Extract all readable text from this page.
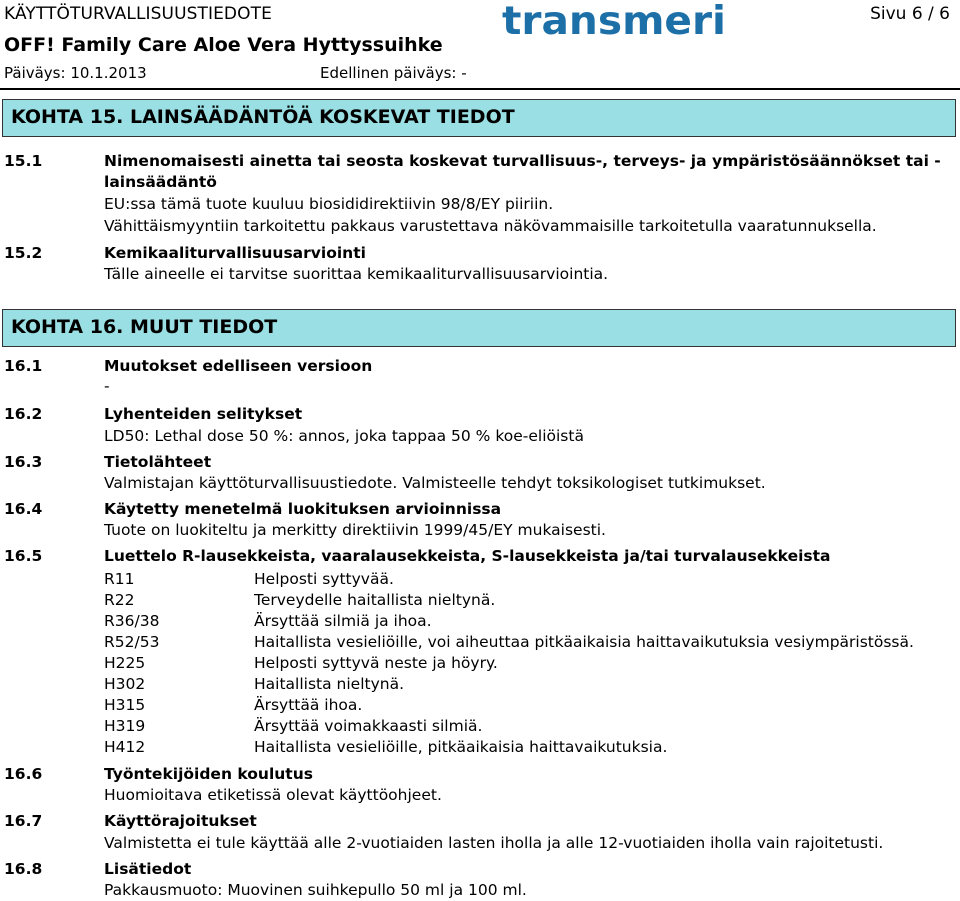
KÄYTTÖTURVALLISUUSTIEDOTE
OFF! Family Care Aloe Vera Hyttyssuihke
Päiväys: 10.1.2013	Edellinen päiväys: -
Sivu 6 / 6
transmeri
KOHTA 15. LAINSÄÄDÄNTÖÄ KOSKEVAT TIEDOT
15.1	Nimenomaisesti ainetta tai seosta koskevat turvallisuus-, terveys- ja ympäristösäännökset tai -
lainsäädäntö
EU:ssa tämä tuote kuuluu biosididirektiivin 98/8/EY piiriin.
Vähittäismyyntiin tarkoitettu pakkaus varustettava näkövammaisille tarkoitetulla vaaratunnuksella.
15.2	Kemikaaliturvallisuusarviointi
Tälle aineelle ei tarvitse suorittaa kemikaaliturvallisuusarviointia.
KOHTA 16. MUUT TIEDOT
16.1	Muutokset edelliseen versioon
-
16.2	Lyhenteiden selitykset
LD50: Lethal dose 50 %: annos, joka tappaa 50 % koe-eliöistä
16.3	Tietolähteet
Valmistajan käyttöturvallisuustiedote. Valmisteelle tehdyt toksikologiset tutkimukset.
16.4	Käytetty menetelmä luokituksen arvioinnissa
Tuote on luokiteltu ja merkitty direktiivin 1999/45/EY mukaisesti.
16.5	Luettelo R-lausekkeista, vaaralausekkeista, S-lausekkeista ja/tai turvalausekkeista
R11	Helposti syttyvää.
R22	Terveydelle haitallista nieltynä.
R36/38	Ärsyttää silmiä ja ihoa.
R52/53	Haitallista vesieliöille, voi aiheuttaa pitkäaikaisia haittavaikutuksia vesiympäristössä.
H225	Helposti syttyvä neste ja höyry.
H302	Haitallista nieltynä.
H315	Ärsyttää ihoa.
H319	Ärsyttää voimakkaasti silmiä.
H412	Haitallista vesieliöille, pitkäaikaisia haittavaikutuksia.
16.6	Työntekijöiden koulutus
Huomioitava etiketissä olevat käyttöohjeet.
16.7	Käyttörajoitukset
Valmistetta ei tule käyttää alle 2-vuotiaiden lasten iholla ja alle 12-vuotiaiden iholla vain rajoitetusti.
16.8	Lisätiedot
Pakkausmuoto: Muovinen suihkepullo 50 ml ja 100 ml.
